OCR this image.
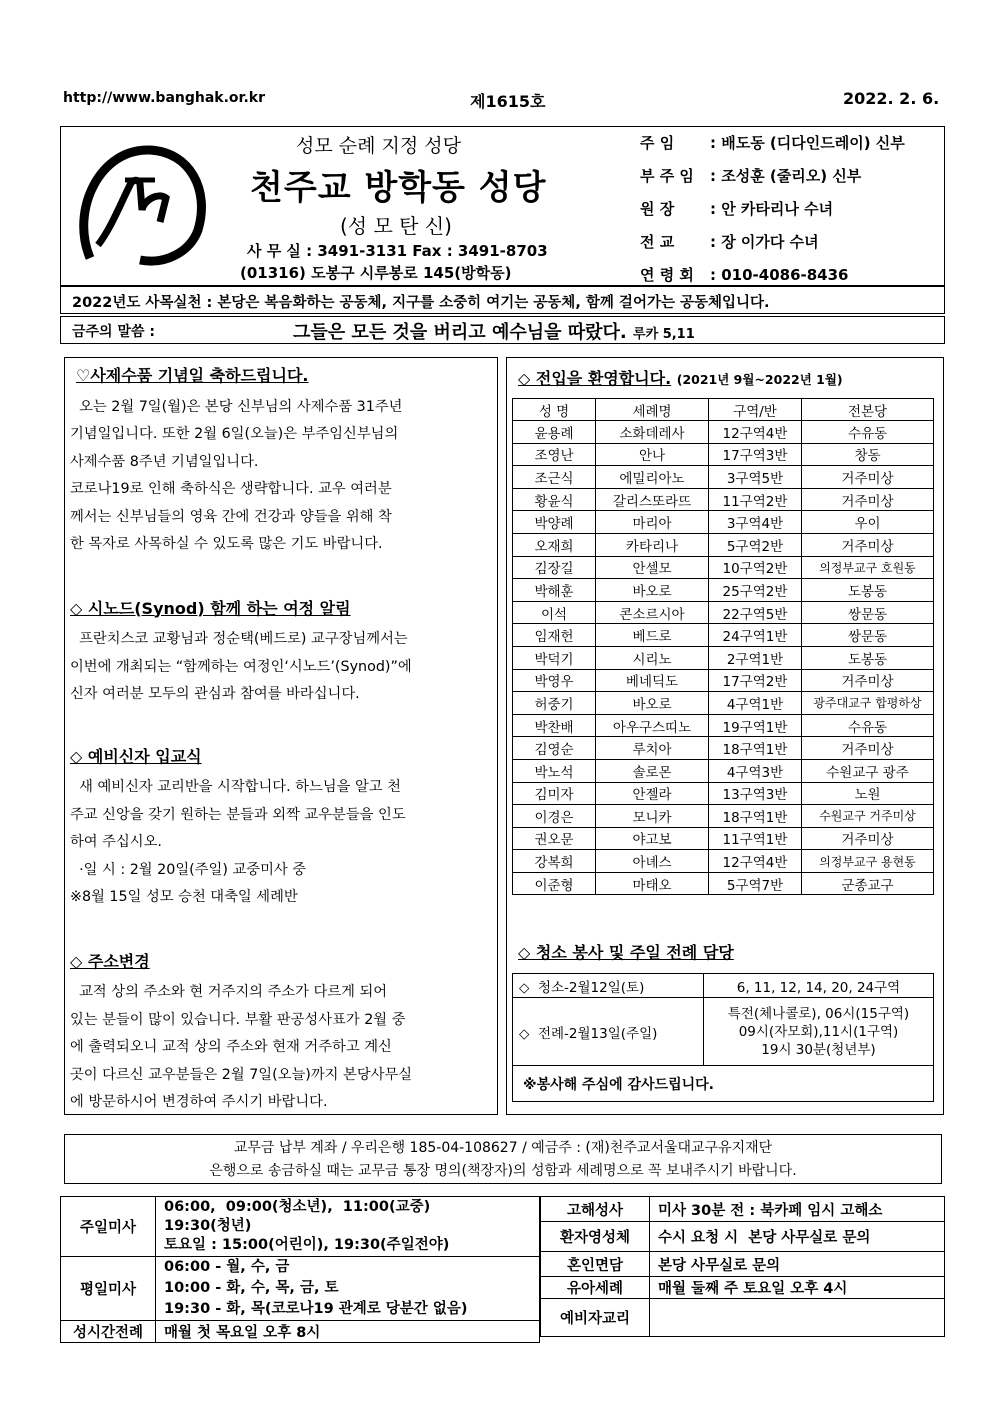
http://www.banghak.or.kr	제1615호	2022. 2. 6.
성모 순례 지정 성당
천주교 방학동 성당
(성 모 탄 신)
사 무 실 : 3491-3131 Fax : 3491-8703
(01316) 도봉구 시루봉로 145(방학동)
주 임 : 배도동 (디다인드레이) 신부
부 주 임 : 조성훈 (줄리오) 신부
원 장 : 안 카타리나 수녀
전 교 : 장 이가다 수녀
연 령 회 : 010-4086-8436
2022년도 사목실천 : 본당은 복음화하는 공동체, 지구를 소중히 여기는 공동체, 함께 걸어가는 공동체입니다.
금주의 말씀 :	그들은 모든 것을 버리고 예수님을 따랐다. 루카 5,11
♡사제수품 기념일 축하드립니다.
오는 2월 7일(월)은 본당 신부님의 사제수품 31주년
기념일입니다. 또한 2월 6일(오늘)은 부주임신부님의
사제수품 8주년 기념일입니다.
코로나19로 인해 축하식은 생략합니다. 교우 여러분
께서는 신부님들의 영육 간에 건강과 양들을 위해 착
한 목자로 사목하실 수 있도록 많은 기도 바랍니다.
◇ 시노드(Synod) 함께 하는 여정 알림
프란치스코 교황님과 정순택(베드로) 교구장님께서는
이번에 개최되는 “함께하는 여정인‘시노드’(Synod)”에
신자 여러분 모두의 관심과 참여를 바라십니다.
◇ 예비신자 입교식
새 예비신자 교리반을 시작합니다. 하느님을 알고 천
주교 신앙을 갖기 원하는 분들과 외짝 교우분들을 인도
하여 주십시오.
·일 시 : 2월 20일(주일) 교중미사 중
※8월 15일 성모 승천 대축일 세례반
◇ 주소변경
교적 상의 주소와 현 거주지의 주소가 다르게 되어
있는 분들이 많이 있습니다. 부활 판공성사표가 2월 중
에 출력되오니 교적 상의 주소와 현재 거주하고 계신
곳이 다르신 교우분들은 2월 7일(오늘)까지 본당사무실
에 방문하시어 변경하여 주시기 바랍니다.
◇ 전입을 환영합니다. (2021년 9월~2022년 1월)
성 명	세례명	구역/반	전본당
윤용례	소화데레사	12구역4반	수유동
조영난	안나	17구역3반	창동
조근식	에밀리아노	3구역5반	거주미상
황윤식	갈리스또라뜨	11구역2반	거주미상
박양례	마리아	3구역4반	우이
오재희	카타리나	5구역2반	거주미상
김장길	안셀모	10구역2반	의정부교구 호원동
박해훈	바오로	25구역2반	도봉동
이석	콘소르시아	22구역5반	쌍문동
임재헌	베드로	24구역1반	쌍문동
박덕기	시리노	2구역1반	도봉동
박영우	베네딕도	17구역2반	거주미상
허중기	바오로	4구역1반	광주대교구 합평하상
박찬배	아우구스띠노	19구역1반	수유동
김영순	루치아	18구역1반	거주미상
박노석	솔로몬	4구역3반	수원교구 광주
김미자	안젤라	13구역3반	노원
이경은	모니카	18구역1반	수원교구 거주미상
권오문	야고보	11구역1반	거주미상
강복희	아녜스	12구역4반	의정부교구 용현동
이준형	마태오	5구역7반	군종교구
◇ 청소 봉사 및 주일 전례 담당
◇  청소-2월12일(토)	6, 11, 12, 14, 20, 24구역
◇  전례-2월13일(주일)	특전(체나콜로), 06시(15구역)
09시(자모회),11시(1구역)
19시 30분(청년부)

※봉사해 주심에 감사드립니다.	
교무금 납부 계좌 / 우리은행 185-04-108627 / 예금주 : (재)천주교서울대교구유지재단
은행으로 송금하실 때는 교무금 통장 명의(책장자)의 성함과 세례명으로 꼭 보내주시기 바랍니다.
주일미사	06:00,  09:00(청소년),  11:00(교중)
19:30(청년)
토요일 : 15:00(어린이), 19:30(주일전야)

평일미사	06:00 - 월, 수, 금
10:00 - 화, 수, 목, 금, 토
19:30 - 화, 목(코로나19 관계로 당분간 없음)

성시간전례	매월 첫 목요일 오후 8시
고해성사	미사 30분 전 : 북카페 임시 고해소
환자영성체	수시 요청 시  본당 사무실로 문의
혼인면담	본당 사무실로 문의
유아세례	매월 둘째 주 토요일 오후 4시
예비자교리	
